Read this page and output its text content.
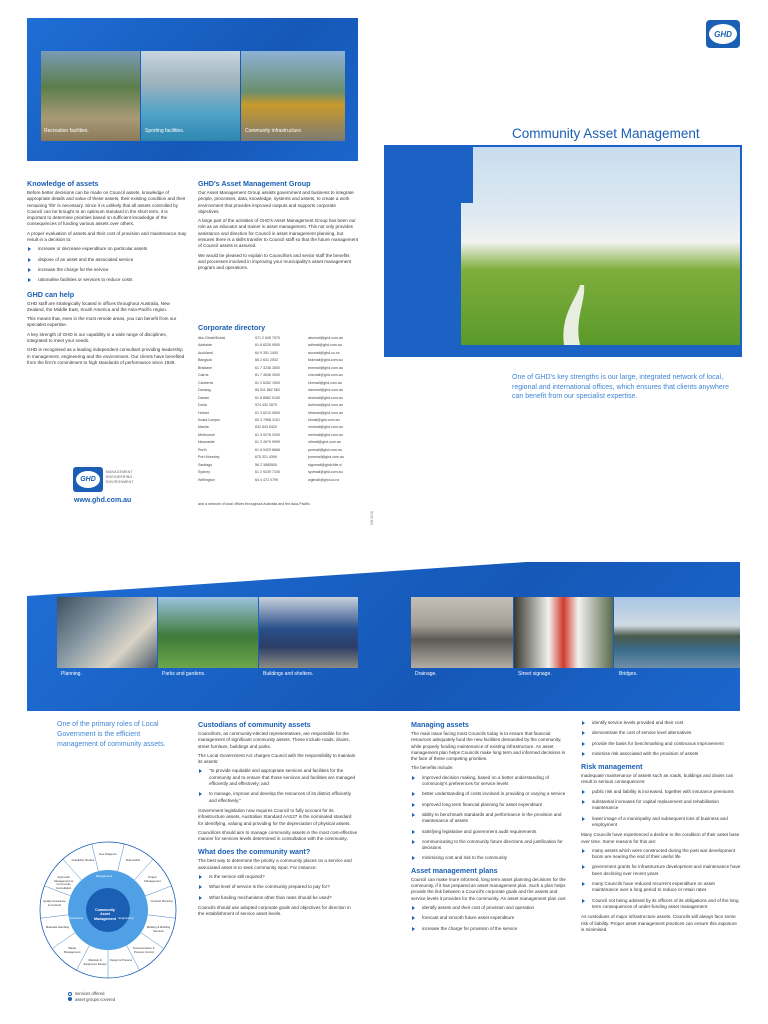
Recreation facilities.	Sporting facilities.	Community infrastructure.
GHD
Community Asset Management
One of GHD's key strengths is our large, integrated network of local, regional and international offices, which ensures that clients anywhere can benefit from our specialist expertise.
Knowledge of assets

Before better decisions can be made on Council assets, knowledge of appropriate details and value of these assets, their existing condition and their remaining 'life' is necessary. Since it is unlikely that all assets controlled by Council can be brought to an optimum standard in the short term, it is important to determine priorities based on sufficient knowledge of the consequences of funding various assets over others.

A proper evaluation of assets and their cost of provision and maintenance may result in a decision to:

increase or decrease expenditure on particular assets
dispose of an asset and the associated service
increase the charge for the service
rationalise facilities or services to reduce costs
GHD can help

GHD staff are strategically located in offices throughout Australia, New Zealand, the Middle East, South America and the Asia-Pacific region.

This means that, even in the most remote areas, you can benefit from our specialist expertise.

A key strength of GHD is our capability in a wide range of disciplines, integrated to meet your needs.

GHD is recognised as a leading independent consultant providing leadership in management, engineering and the environment. Our clients have benefited from the firm's commitment to high standards of performance since 1928.

GHD
MANAGEMENT
ENGINEERING
ENVIRONMENT
www.ghd.com.au
GHD's Asset Management Group

Our Asset Management Group assists government and business to integrate people, processes, data, knowledge, systems and assets, to create a work environment that provides improved outputs and supports corporate objectives.

A large part of the activities of GHD's Asset Management Group has been our role as an educator and trainer in asset management. This not only provides assistance and direction for Council in asset management planning, but ensures there is a skills transfer to Council staff so that the future management of Council assets is assured.

We would be pleased to explain to Councillors and senior staff the benefits and processes involved in improving your municipality's asset management program and operations.

Corporate directory
Abu Dhabi/Dubai	971 2 645 7570	abumail@ghd.com.au
Adelaide	61 8 8226 9500	adlmail@ghd.com.au
Auckland	64 9 351 1400	aucmail@ghd.co.nz
Bangkok	66 2 631 2002	bkkmail@ghd.com.au
Brisbane	61 7 3236 3500	bnemail@ghd.com.au
Cairns	61 7 4046 3000	cnsmail@ghd.com.au
Canberra	61 2 6262 1900	cbrmail@ghd.com.au
Danang	84 511 862 563	danmail@ghd.com.au
Darwin	61 8 8982 0100	drwmail@ghd.com.au
Doha	974 432 2670	dohmail@ghd.com.au
Hobart	61 3 6210 0600	hbamail@ghd.com.au
Kuala Lumpur	60 3 7968 3101	klmail@ghd.com.au
Manila	632 843 5420	mnlmail@ghd.com.au
Melbourne	61 3 9276 2000	melmail@ghd.com.au
Newcastle	61 2 4979 9999	ntlmail@ghd.com.au
Perth	61 8 9429 6666	permail@ghd.com.au
Port Moresby	675 321 4399	pommail@ghd.com.au
Santiago	56 2 3685500	stgomail@ghdchile.cl
Sydney	61 2 9239 7100	sydmail@ghd.com.au
Wellington	64 4 472 0799	wglmail@ghd.co.nz
and a network of local offices throughout Australia and the Asia-Pacific.
GH 0010
Planning.	Parks and gardens.	Buildings and shelters.	Drainage.	Street signage.	Bridges.
One of the primary roles of Local Government is the efficient management of community assets.
Community Asset Management
Management
Engineering
Operations
Due Diligence
Risk Audits
Project Management
Contract Planning
Building & Building Services
Documentation & Process Control
Design & Process
Maintain & Equipment Design
Waste Management
Materials Handling
Quality Assurance & Controls
Approvals Management & Community Consultation
Feasibility Studies
services offered
asset groups covered
Custodians of community assets

Councillors, as community-elected representatives, are responsible for the management of significant community assets. These include roads, drains, street furniture, buildings and parks.

The Local Government Act charges Council with the responsibility to maintain its assets:

"to provide equitable and appropriate services and facilities for the community and to ensure that those services and facilities are managed efficiently and effectively; and
to manage, improve and develop the resources of its district efficiently and effectively."

Government legislation now requires Council to fully account for its infrastructure assets. Australian Standard AAS27 is the nominated standard for identifying, valuing and providing for the depreciation of physical assets.

Councillors should aim to manage community assets in the most cost-effective manner for services levels determined in consultation with the community.

What does the community want?

The best way to determine the priority a community places on a service and associated asset is to seek community input. For instance:

Is the service still required?
What level of service is the community prepared to pay for?
What funding mechanisms other than rates should be used?

Councils should use adopted corporate goals and objectives for direction in the establishment of service asset levels.

Managing assets

The main issue facing most Councils today is to ensure that financial resources adequately fund the new facilities demanded by the community, while properly funding maintenance of existing infrastructure. An asset management plan helps Councils make long term and informed decisions in the face of these competing priorities.

The benefits include:

improved decision making, based on a better understanding of community's preferences for service levels
better understanding of costs involved in providing or varying a service
improved long term financial planning for asset expenditure
ability to benchmark standards and performance in the provision and maintenance of assets
satisfying legislative and government audit requirements
communicating to the community future directions and justification for decisions
minimising cost and risk to the community
Asset management plans

Council can make more informed, long term asset planning decisions for the community, if it has prepared an asset management plan. Such a plan helps provide the link between a Council's corporate goals and the assets and service levels it provides for the community. An asset management plan can:

identify assets and their cost of provision and operation
forecast and smooth future asset expenditure
increase the charge for provision of the service
identify service levels provided and their cost
demonstrate the cost of service level alternatives
provide the basis for benchmarking and continuous improvement
minimise risk associated with the provision of assets
Risk management

Inadequate maintenance of assets such as roads, buildings and drains can result in serious consequences:

public risk and liability is increased, together with insurance premiums
substantial increases for capital replacement and rehabilitation maintenance
lower image of a municipality and subsequent loss of business and employment

Many Councils have experienced a decline in the condition of their asset base over time. Some reasons for this are:

many assets which were constructed during the post war development boom are nearing the end of their useful life
government grants for infrastructure development and maintenance have been declining over recent years
many Councils have reduced recurrent expenditure on asset maintenance over a long period to reduce or retain rates
Council not being advised by its officers of its obligations and of the long term consequences of under-funding asset management

As custodians of major infrastructure assets, Councils will always face some risk of liability. Proper asset management practices can ensure this exposure is minimised.
